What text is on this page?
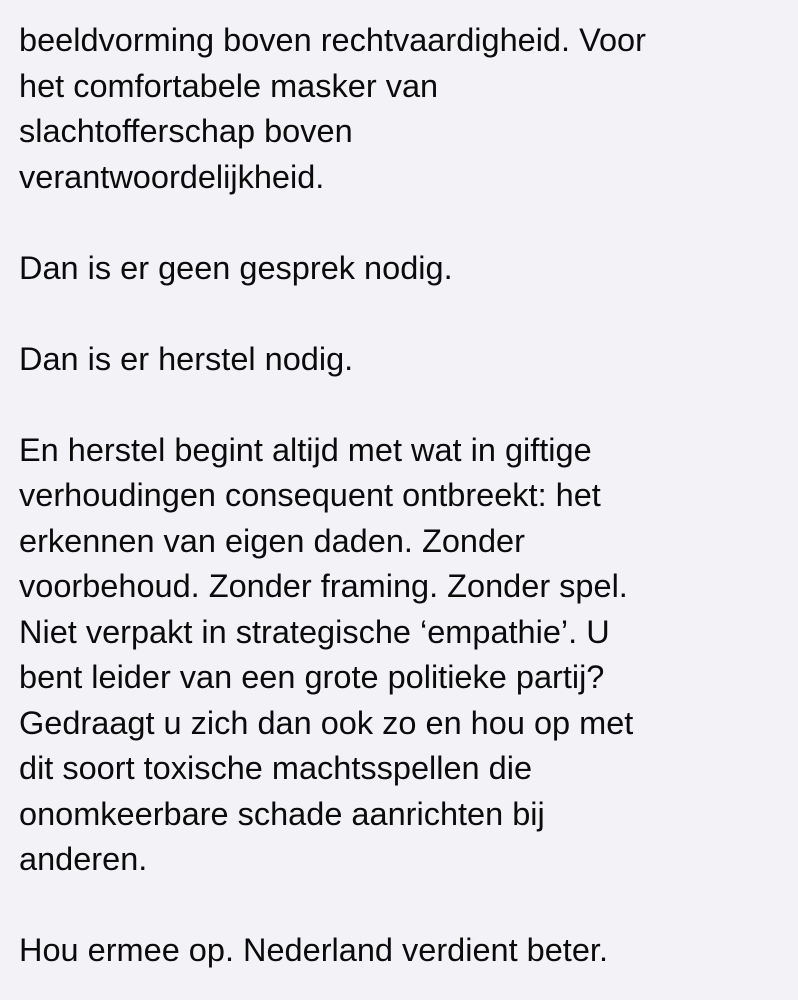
beeldvorming boven rechtvaardigheid. Voor
het comfortabele masker van
slachtofferschap boven
verantwoordelijkheid.

Dan is er geen gesprek nodig.

Dan is er herstel nodig.

En herstel begint altijd met wat in giftige
verhoudingen consequent ontbreekt: het
erkennen van eigen daden. Zonder
voorbehoud. Zonder framing. Zonder spel.
Niet verpakt in strategische ‘empathie’. U
bent leider van een grote politieke partij?
Gedraagt u zich dan ook zo en hou op met
dit soort toxische machtsspellen die
onomkeerbare schade aanrichten bij
anderen.

Hou ermee op. Nederland verdient beter.
